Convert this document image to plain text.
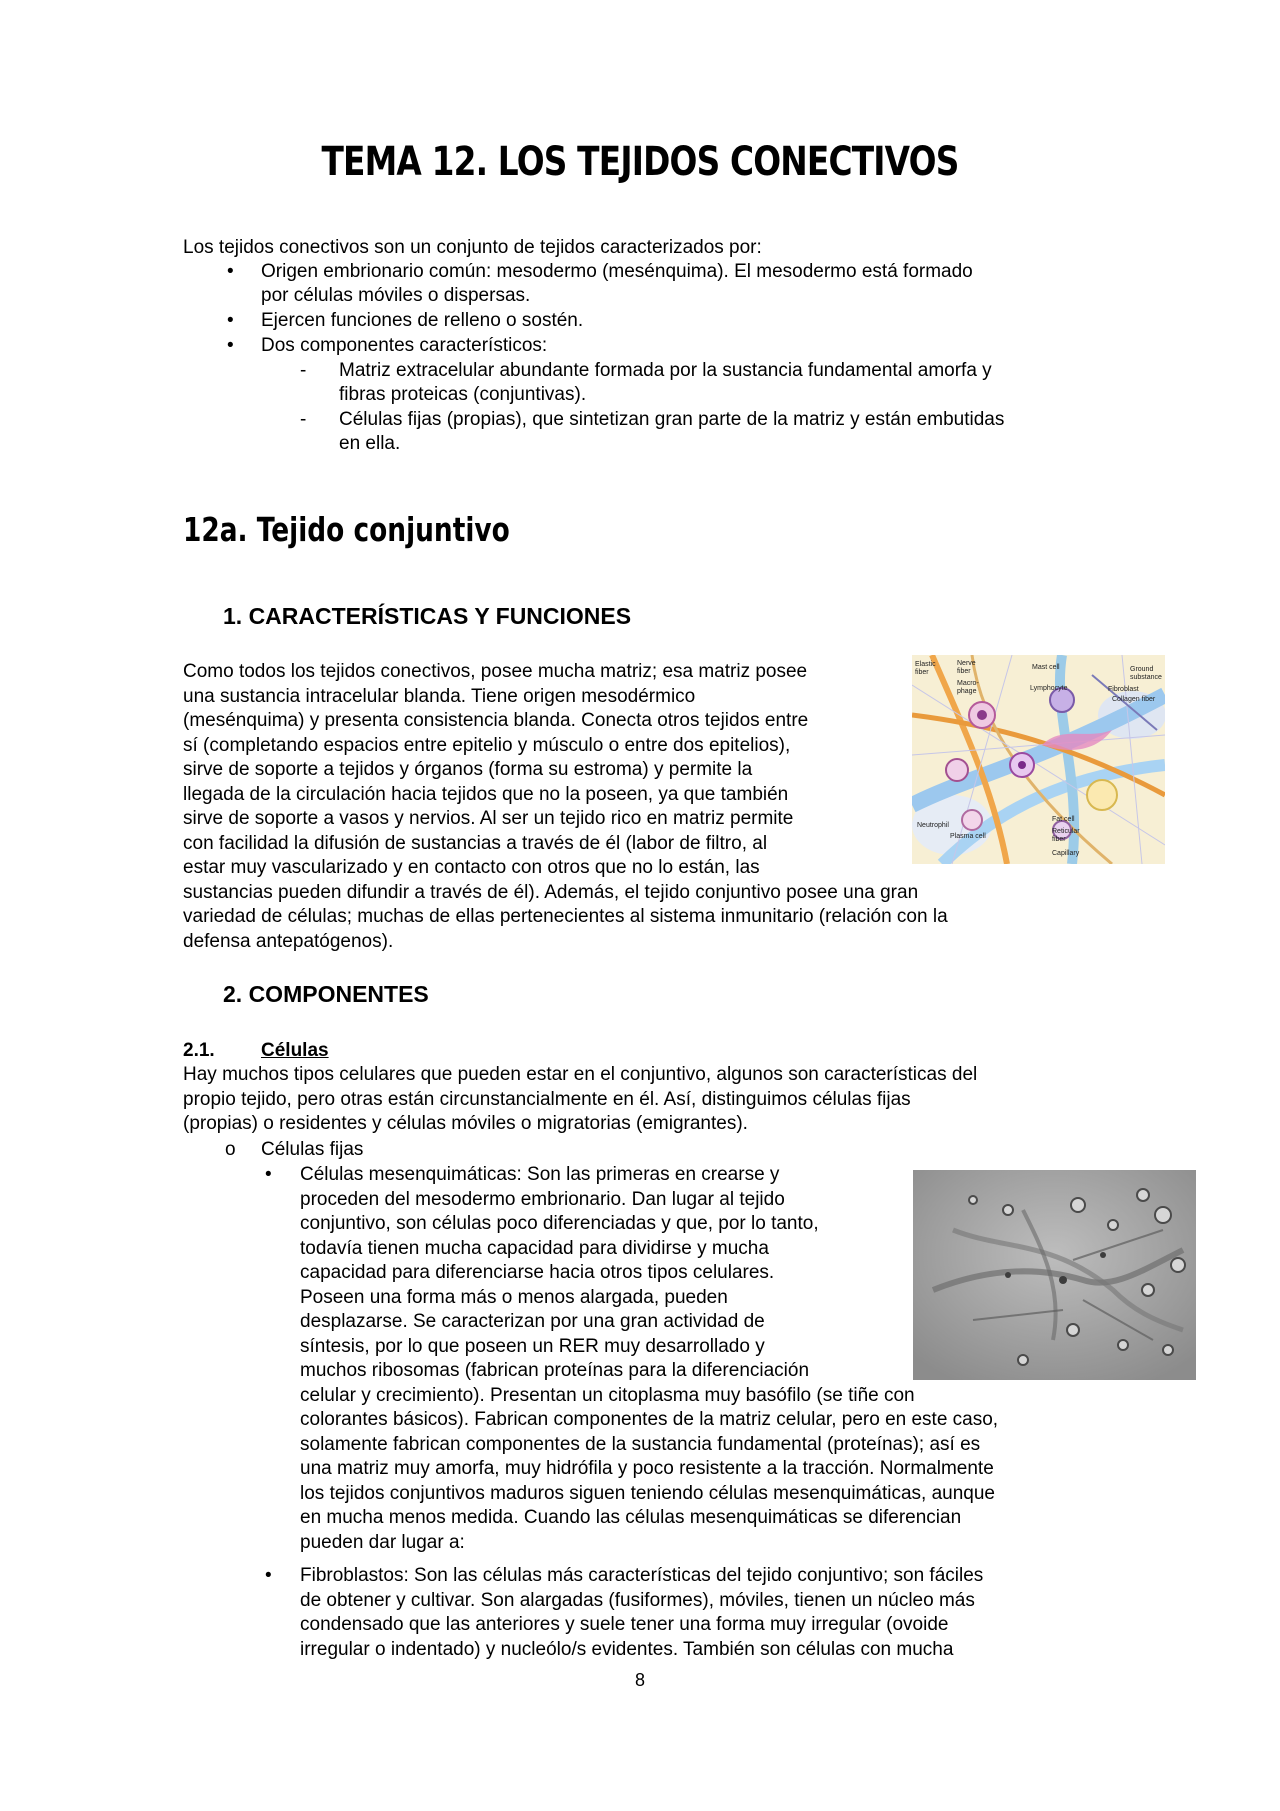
TEMA 12. LOS TEJIDOS CONECTIVOS
Los tejidos conectivos son un conjunto de tejidos caracterizados por:
• Origen embrionario común: mesodermo (mesénquima). El mesodermo está formado
por células móviles o dispersas.
• Ejercen funciones de relleno o sostén.
• Dos componentes característicos:
- Matriz extracelular abundante formada por la sustancia fundamental amorfa y
fibras proteicas (conjuntivas).
- Células fijas (propias), que sintetizan gran parte de la matriz y están embutidas
en ella.
12a. Tejido conjuntivo
1. CARACTERÍSTICAS Y FUNCIONES
Como todos los tejidos conectivos, posee mucha matriz; esa matriz posee
una sustancia intracelular blanda. Tiene origen mesodérmico
(mesénquima) y presenta consistencia blanda. Conecta otros tejidos entre
sí (completando espacios entre epitelio y músculo o entre dos epitelios),
sirve de soporte a tejidos y órganos (forma su estroma) y permite la
llegada de la circulación hacia tejidos que no la poseen, ya que también
sirve de soporte a vasos y nervios. Al ser un tejido rico en matriz permite
con facilidad la difusión de sustancias a través de él (labor de filtro, al
estar muy vascularizado y en contacto con otros que no lo están, las
sustancias pueden difundir a través de él). Además, el tejido conjuntivo posee una gran
variedad de células; muchas de ellas pertenecientes al sistema inmunitario (relación con la
defensa antepatógenos).
Elastic
fiber
Nerve
fiber
Macro-
phage
Mast cell
Lymphocyte
Ground
substance
Fibroblast
Collagen fiber
Neutrophil
Plasma cell
Fat cell
Reticular
fiber
Capillary
2. COMPONENTES
2.1. Células
Hay muchos tipos celulares que pueden estar en el conjuntivo, algunos son características del
propio tejido, pero otras están circunstancialmente en él. Así, distinguimos células fijas
(propias) o residentes y células móviles o migratorias (emigrantes).
o Células fijas
• Células mesenquimáticas: Son las primeras en crearse y
proceden del mesodermo embrionario. Dan lugar al tejido
conjuntivo, son células poco diferenciadas y que, por lo tanto,
todavía tienen mucha capacidad para dividirse y mucha
capacidad para diferenciarse hacia otros tipos celulares.
Poseen una forma más o menos alargada, pueden
desplazarse. Se caracterizan por una gran actividad de
síntesis, por lo que poseen un RER muy desarrollado y
muchos ribosomas (fabrican proteínas para la diferenciación
celular y crecimiento). Presentan un citoplasma muy basófilo (se tiñe con
colorantes básicos). Fabrican componentes de la matriz celular, pero en este caso,
solamente fabrican componentes de la sustancia fundamental (proteínas); así es
una matriz muy amorfa, muy hidrófila y poco resistente a la tracción. Normalmente
los tejidos conjuntivos maduros siguen teniendo células mesenquimáticas, aunque
en mucha menos medida. Cuando las células mesenquimáticas se diferencian
pueden dar lugar a:
• Fibroblastos: Son las células más características del tejido conjuntivo; son fáciles
de obtener y cultivar. Son alargadas (fusiformes), móviles, tienen un núcleo más
condensado que las anteriores y suele tener una forma muy irregular (ovoide
irregular o indentado) y nucleólo/s evidentes. También son células con mucha
8
